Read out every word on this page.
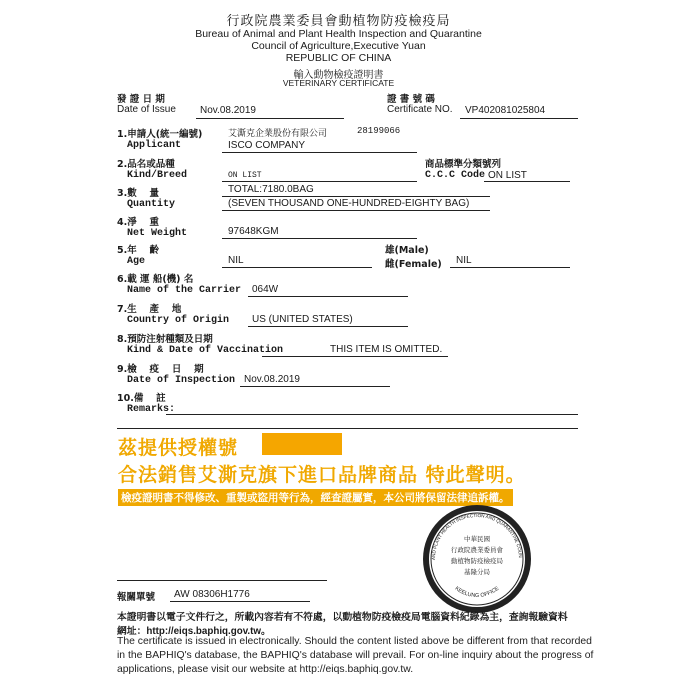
行政院農業委員會動植物防疫檢疫局
Bureau of Animal and Plant Health Inspection and Quarantine
Council of Agriculture,Executive Yuan
REPUBLIC OF CHINA
輸入動物檢疫證明書
VETERINARY CERTIFICATE
發 證 日 期
Date of Issue Nov.08.2019
證 書 號 碼
Certificate NO. VP402081025804
1.申請人(統一編號)	艾澌克企業股份有限公司	28199066
Applicant	ISCO COMPANY
2.品名或品種	商品標準分類號列
Kind/Breed	ON LIST	C.C.C Code ON LIST
3.數　 量	TOTAL:7180.0BAG
Quantity	(SEVEN THOUSAND ONE-HUNDRED-EIGHTY BAG)
4.淨　 重
Net Weight	97648KGM
5.年　 齡	雄(Male)
Age	NIL	雌(Female) NIL
6.載 運 船(機) 名
Name of the Carrier 064W
7.生　 產　 地
Country of Origin US (UNITED STATES)
8.預防注射種類及日期
Kind & Date of Vaccination	THIS ITEM IS OMITTED.
9.檢　 疫　 日　 期
Date of Inspection Nov.08.2019
10.備　 註
Remarks:
茲提供授權號
合法銷售艾澌克旗下進口品牌商品 特此聲明。
檢疫證明書不得修改、重製或盜用等行為，經查證屬實，本公司將保留法律追訴權。
AND PLANT HEALTH INSPECTION AND QUARANTINE COUN
中華民國
行政院農業委員會
動植物防疫檢疫局
基隆分局
KEELUNG OFFICE
報關單號 AW 08306H1776
本證明書以電子文件行之，所載內容若有不符處，以動植物防疫檢疫局電腦資料紀錄為主，查詢報驗資料
網址：http://eiqs.baphiq.gov.tw。
The certificate is issued in electronically. Should the content listed above be different from that recorded
in the BAPHIQ's database, the BAPHIQ's database will prevail. For on-line inquiry about the progress of
applications, please visit our website at http://eiqs.baphiq.gov.tw.
